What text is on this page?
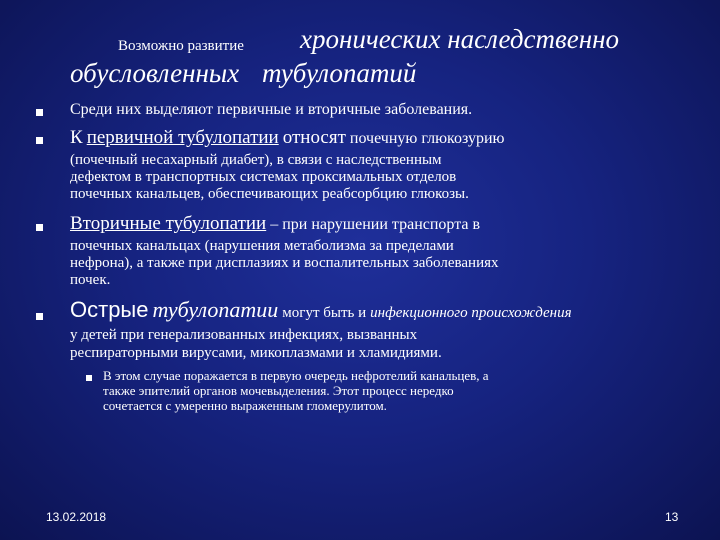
Возможно развитие хронических наследственно
обусловленных тубулопатий
Среди них выделяют первичные и вторичные заболевания.
К первичной тубулопатии относят почечную глюкозурию
(почечный несахарный диабет), в связи с наследственным
дефектом в транспортных системах проксимальных отделов
почечных канальцев, обеспечивающих реабсорбцию глюкозы.
Вторичные тубулопатии – при нарушении транспорта в
почечных канальцах (нарушения метаболизма за пределами
нефрона), а также при дисплазиях и воспалительных заболеваниях
почек.
Острые тубулопатии могут быть и инфекционного происхождения
у детей при генерализованных инфекциях, вызванных
респираторными вирусами, микоплазмами и хламидиями.
В этом случае поражается в первую очередь нефротелий канальцев, а
также эпителий органов мочевыделения. Этот процесс нередко
сочетается с умеренно выраженным гломерулитом.
13.02.2018	13
